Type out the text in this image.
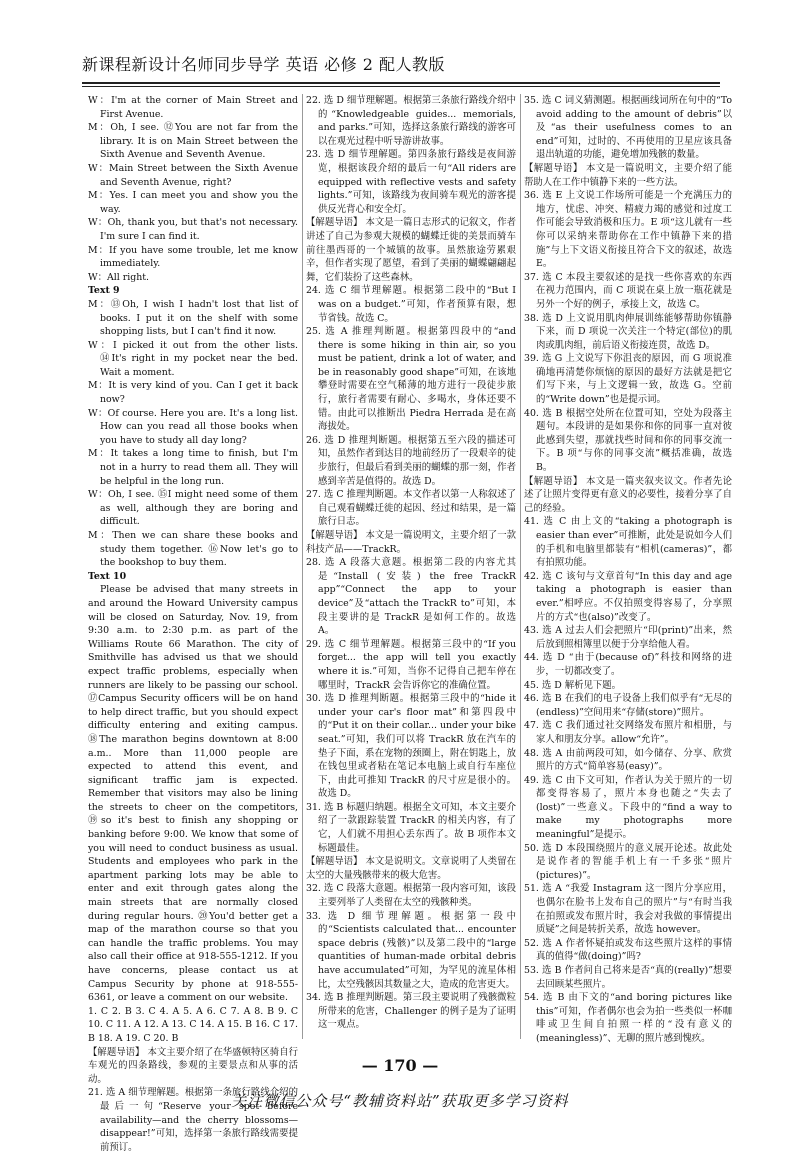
新课程新设计名师同步导学 英语 必修 2 配人教版

W：I'm at the corner of Main Street and First Avenue.

M：Oh, I see. ⑫You are not far from the library. It is on Main Street between the Sixth Avenue and Seventh Avenue.

W：Main Street between the Sixth Avenue and Seventh Avenue, right?

M：Yes. I can meet you and show you the way.

W：Oh, thank you, but that's not necessary. I'm sure I can find it.

M：If you have some trouble, let me know immediately.

W：All right.

Text 9

M：⑬Oh, I wish I hadn't lost that list of books. I put it on the shelf with some shopping lists, but I can't find it now.

W：I picked it out from the other lists. ⑭It's right in my pocket near the bed. Wait a moment.

M：It is very kind of you. Can I get it back now?

W：Of course. Here you are. It's a long list. How can you read all those books when you have to study all day long?

M：It takes a long time to finish, but I'm not in a hurry to read them all. They will be helpful in the long run.

W：Oh, I see. ⑮I might need some of them as well, although they are boring and difficult.

M：Then we can share these books and study them together. ⑯Now let's go to the bookshop to buy them.

Text 10

Please be advised that many streets in and around the Howard University campus will be closed on Saturday, Nov. 19, from 9:30 a.m. to 2:30 p.m. as part of the Williams Route 66 Marathon. The city of Smithville has advised us that we should expect traffic problems, especially when runners are likely to be passing our school. ⑰Campus Security officers will be on hand to help direct traffic, but you should expect difficulty entering and exiting campus. ⑱The marathon begins downtown at 8:00 a.m.. More than 11,000 people are expected to attend this event, and significant traffic jam is expected. Remember that visitors may also be lining the streets to cheer on the competitors, ⑲so it's best to finish any shopping or banking before 9:00. We know that some of you will need to conduct business as usual. Students and employees who park in the apartment parking lots may be able to enter and exit through gates along the main streets that are normally closed during regular hours. ⑳You'd better get a map of the marathon course so that you can handle the traffic problems. You may also call their office at 918-555-1212. If you have concerns, please contact us at Campus Security by phone at 918-555-6361, or leave a comment on our website.

1. C 2. B 3. C 4. A 5. A 6. C 7. A 8. B 9. C 10. C 11. A 12. A 13. C 14. A 15. B 16. C 17. B 18. A 19. C 20. B

【解题导语】 本文主要介绍了在华盛顿特区骑自行车观光的四条路线，参观的主要景点和从事的活动。

21. 选 A 细节理解题。根据第一条旅行路线介绍的最后一句“Reserve your spot before availability—and the cherry blossoms—disappear!”可知，选择第一条旅行路线需要提前预订。

22. 选 D 细节理解题。根据第三条旅行路线介绍中的“Knowledgeable guides... memorials, and parks.”可知，选择这条旅行路线的游客可以在观光过程中听导游讲故事。

23. 选 D 细节理解题。第四条旅行路线是夜间游览，根据该段介绍的最后一句“All riders are equipped with reflective vests and safety lights.”可知，该路线为夜间骑车观光的游客提供反光背心和安全灯。

【解题导语】 本文是一篇日志形式的记叙文，作者讲述了自己为参观大规模的蝴蝶迁徙的美景而骑车前往墨西哥的一个城镇的故事。虽然旅途劳累艰辛，但作者实现了愿望，看到了美丽的蝴蝶翩翩起舞，它们装扮了这些森林。

24. 选 C 细节理解题。根据第二段中的“But I was on a budget.”可知，作者预算有限，想节省钱。故选 C。

25. 选 A 推理判断题。根据第四段中的“and there is some hiking in thin air, so you must be patient, drink a lot of water, and be in reasonably good shape”可知，在该地攀登时需要在空气稀薄的地方进行一段徒步旅行，旅行者需要有耐心、多喝水，身体还要不错。由此可以推断出 Piedra Herrada 是在高海拔处。

26. 选 D 推理判断题。根据第五至六段的描述可知，虽然作者到达目的地前经历了一段艰辛的徒步旅行，但最后看到美丽的蝴蝶的那一刻，作者感到辛苦是值得的。故选 D。

27. 选 C 推理判断题。本文作者以第一人称叙述了自己观看蝴蝶迁徙的起因、经过和结果，是一篇旅行日志。

【解题导语】 本文是一篇说明文，主要介绍了一款科技产品——TrackR。

28. 选 A 段落大意题。根据第二段的内容尤其是“Install (安装) the free TrackR app”“Connect the app to your device”及“attach the TrackR to”可知，本段主要讲的是 TrackR 是如何工作的。故选 A。

29. 选 C 细节理解题。根据第三段中的“If you forget... the app will tell you exactly where it is.”可知，当你不记得自己把车停在哪里时，TrackR 会告诉你它的准确位置。

30. 选 D 推理判断题。根据第三段中的“hide it under your car's floor mat”和第四段中的“Put it on their collar... under your bike seat.”可知，我们可以将 TrackR 放在汽车的垫子下面，系在宠物的颈圈上，附在钥匙上，放在钱包里或者粘在笔记本电脑上或自行车座位下，由此可推知 TrackR 的尺寸应是很小的。故选 D。

31. 选 B 标题归纳题。根据全文可知，本文主要介绍了一款跟踪装置 TrackR 的相关内容，有了它，人们就不用担心丢东西了。故 B 项作本文标题最佳。

【解题导语】 本文是说明文。文章说明了人类留在太空的大量残骸带来的极大危害。

32. 选 C 段落大意题。根据第一段内容可知，该段主要列举了人类留在太空的残骸种类。

33. 选 D 细节理解题。根据第一段中的“Scientists calculated that... encounter space debris (残骸)”以及第二段中的“large quantities of human-made orbital debris have accumulated”可知，为罕见的流星体相比，太空残骸因其数量之大，造成的危害更大。

34. 选 B 推理判断题。第三段主要说明了残骸微粒所带来的危害，Challenger 的例子是为了证明这一观点。

35. 选 C 词义猜测题。根据画线词所在句中的“To avoid adding to the amount of debris”以及“as their usefulness comes to an end”可知，过时的、不再使用的卫星应该具备退出轨道的功能，避免增加残骸的数量。

【解题导语】 本文是一篇说明文，主要介绍了能帮助人在工作中镇静下来的一些方法。

36. 选 E 上文说工作场所可能是一个充满压力的地方，忧虑、冲突、精疲力竭的感觉和过度工作可能会导致消极和压力。E 项“这儿就有一些你可以采纳来帮助你在工作中镇静下来的措施”与上下文语义衔接且符合下文的叙述，故选 E。

37. 选 C 本段主要叙述的是找一些你喜欢的东西在视力范围内，而 C 项说在桌上放一瓶花就是另外一个好的例子，承接上文，故选 C。

38. 选 D 上文说用肌肉伸展训练能够帮助你镇静下来，而 D 项说一次关注一个特定(部位)的肌肉或肌肉组，前后语义衔接连贯，故选 D。

39. 选 G 上文说写下你沮丧的原因，而 G 项说准确地再清楚你烦恼的原因的最好方法就是把它们写下来，与上文逻辑一致，故选 G。空前的“Write down”也是提示词。

40. 选 B 根据空处所在位置可知，空处为段落主题句。本段讲的是如果你和你的同事一直对彼此感到失望，那就找些时间和你的同事交流一下。B 项“与你的同事交流”概括准确，故选 B。

【解题导语】 本文是一篇夹叙夹议文。作者先论述了让照片变得更有意义的必要性，接着分享了自己的经验。

41. 选 C 由上文的“taking a photograph is easier than ever”可推断，此处是说如今人们的手机和电脑里都装有“相机(cameras)”，都有拍照功能。

42. 选 C 该句与文章首句“In this day and age taking a photograph is easier than ever.”相呼应。不仅拍照变得容易了，分享照片的方式“也(also)”改变了。

43. 选 A 过去人们会把照片“印(print)”出来，然后放到照相簿里以便于分享给他人看。

44. 选 D “由于(because of)”科技和网络的进步，一切都改变了。

45. 选 D 解析见下题。

46. 选 B 在我们的电子设备上我们似乎有“无尽的(endless)”空间用来“存储(store)”照片。

47. 选 C 我们通过社交网络发布照片和相册，与家人和朋友分享。allow“允许”。

48. 选 A 由前两段可知，如今储存、分享、欣赏照片的方式“简单容易(easy)”。

49. 选 C 由下文可知，作者认为关于照片的一切都变得容易了，照片本身也随之“失去了(lost)”一些意义。下段中的“find a way to make my photographs more meaningful”是提示。

50. 选 D 本段围绕照片的意义展开论述。故此处是说作者的智能手机上有一千多张“照片(pictures)”。

51. 选 A “我爱 Instagram 这一图片分享应用，也偶尔在脸书上发布自己的照片”与“有时当我在拍照或发布照片时，我会对我做的事情提出质疑”之间是转折关系，故选 however。

52. 选 A 作者怀疑拍或发布这些照片这样的事情真的值得“做(doing)”吗?

53. 选 B 作者问自己将来是否“真的(really)”想要去回顾某些照片。

54. 选 B 由下文的“and boring pictures like this”可知，作者偶尔也会为拍一些类似一杯咖啡或卫生间自拍照一样的“没有意义的(meaningless)”、无聊的照片感到愧疚。

— 170 —
关注微信公众号“教辅资料站”获取更多学习资料
